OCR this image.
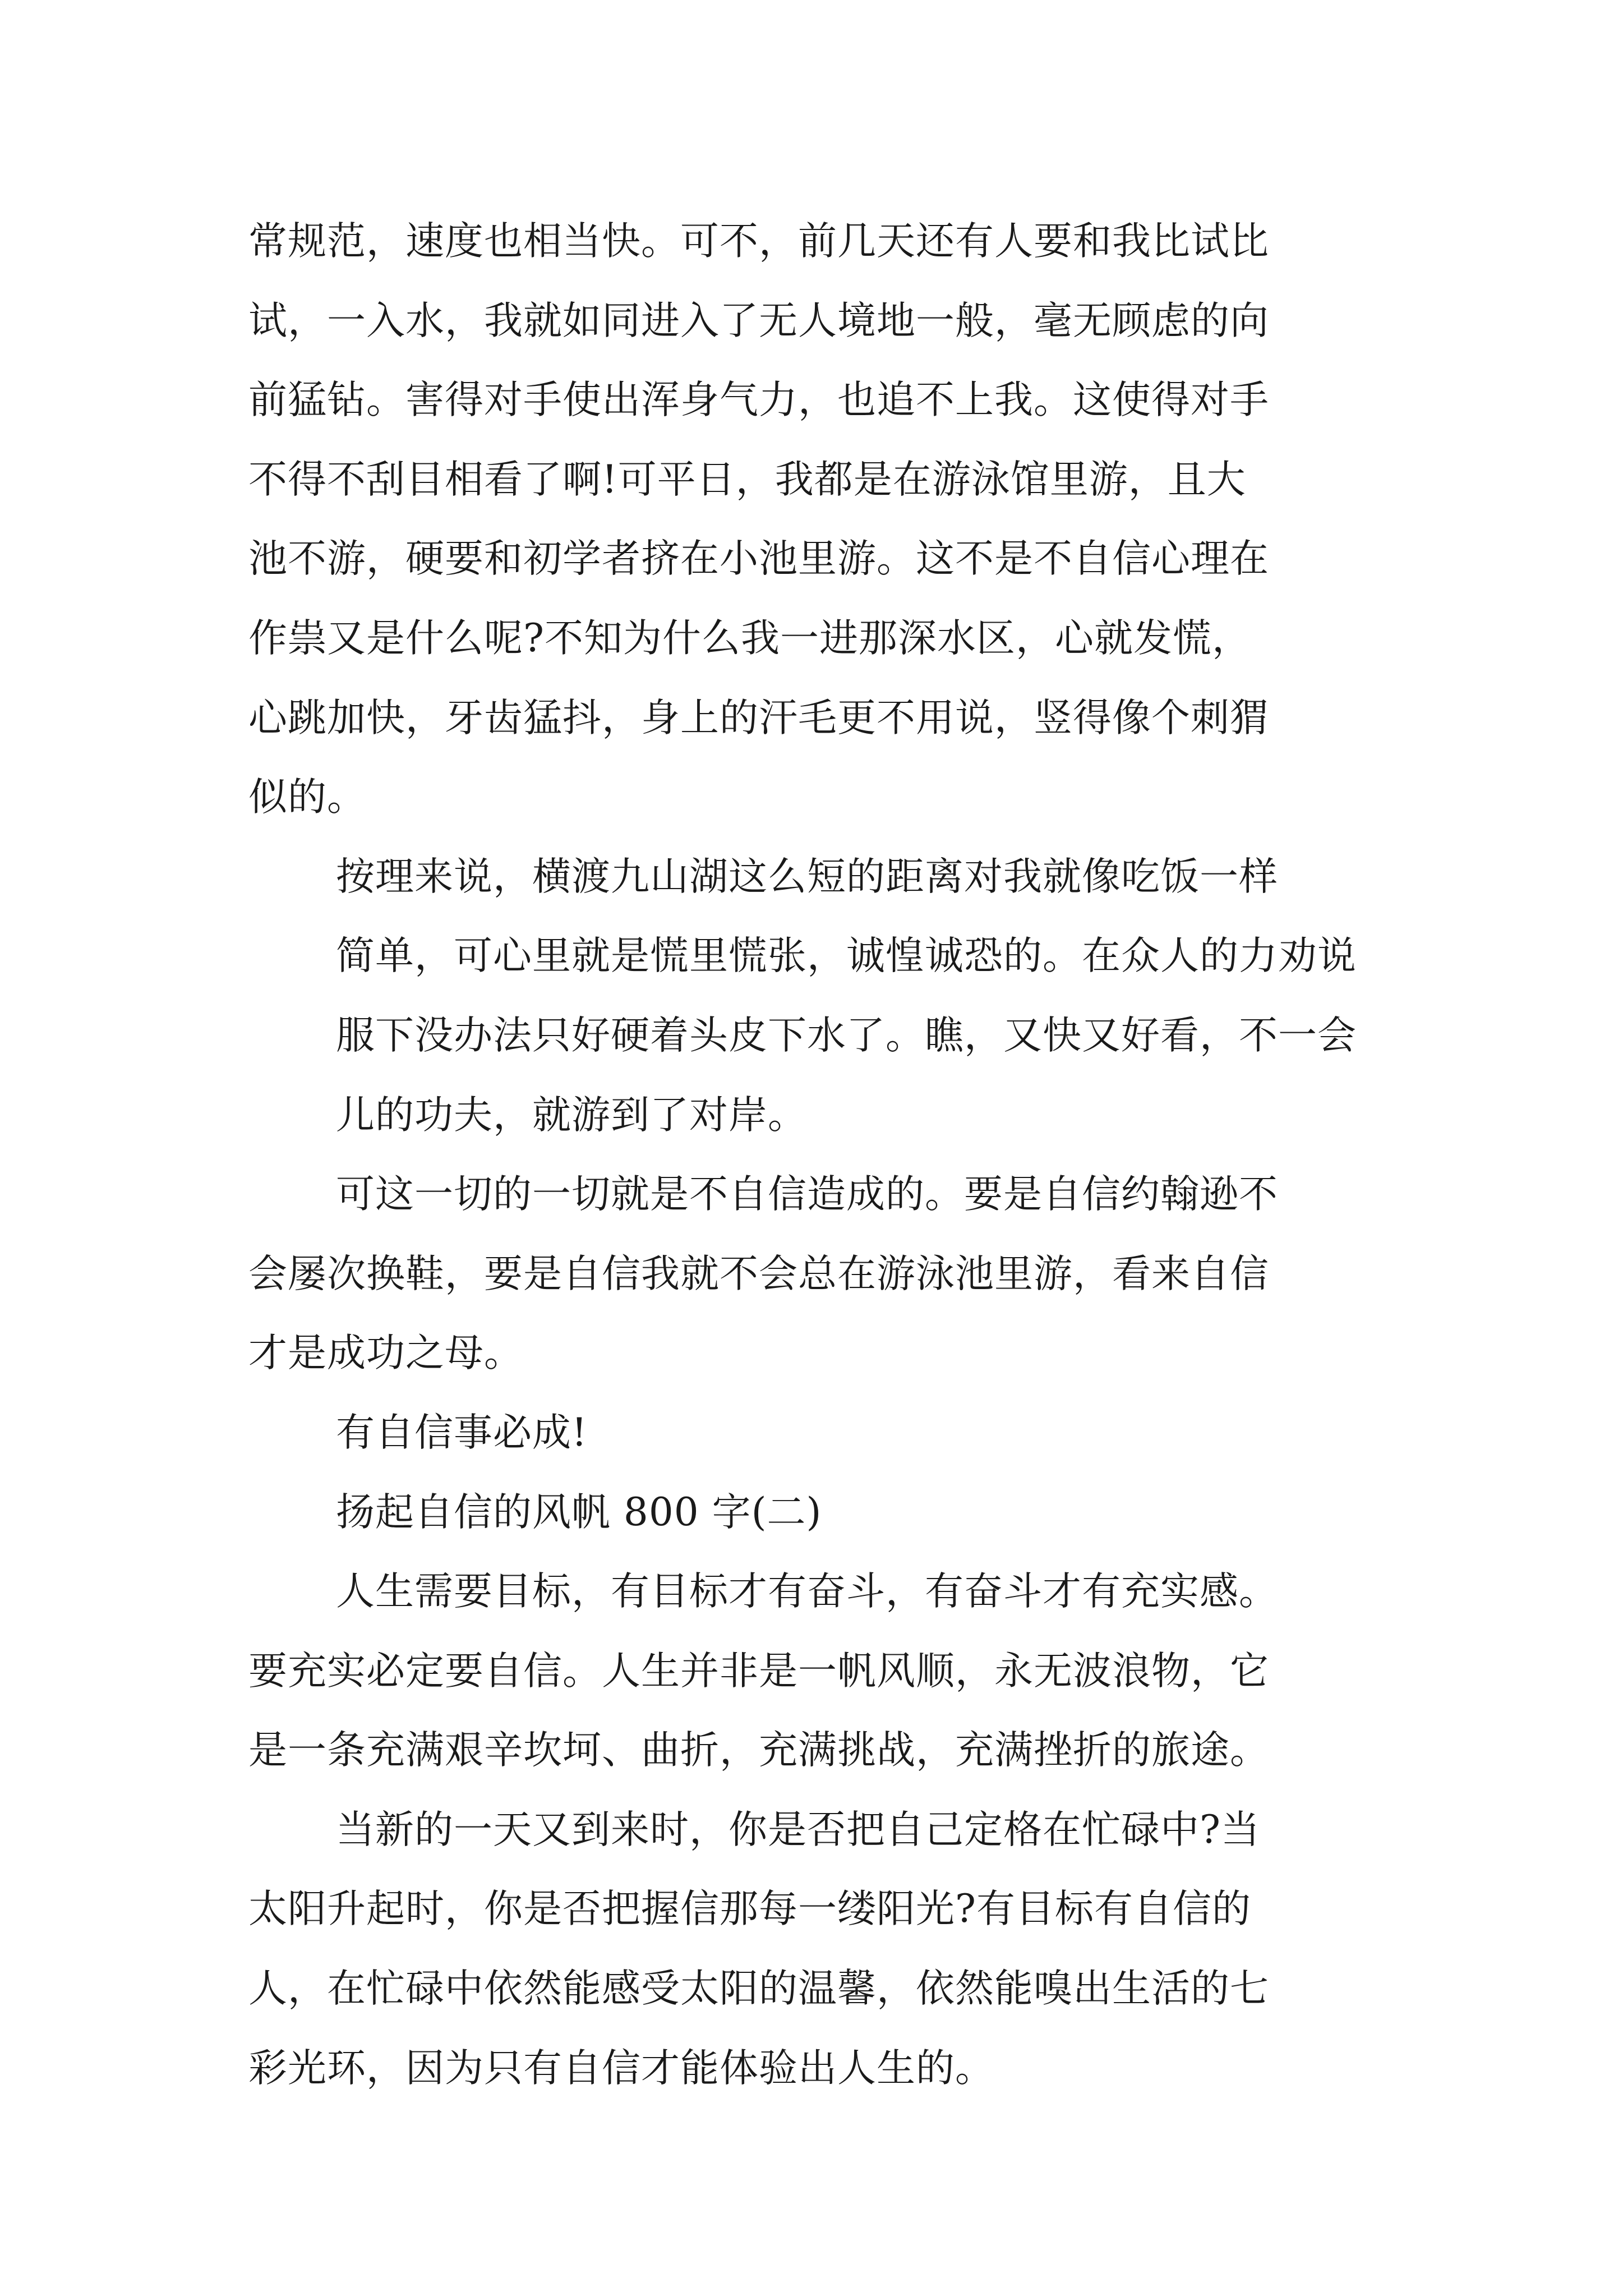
常规范，速度也相当快。可不，前几天还有人要和我比试比
试，一入水，我就如同进入了无人境地一般，毫无顾虑的向
前猛钻。害得对手使出浑身气力，也追不上我。这使得对手
不得不刮目相看了啊!可平日，我都是在游泳馆里游，且大
池不游，硬要和初学者挤在小池里游。这不是不自信心理在
作祟又是什么呢?不知为什么我一进那深水区，心就发慌，
心跳加快，牙齿猛抖，身上的汗毛更不用说，竖得像个刺猬
似的。

按理来说，横渡九山湖这么短的距离对我就像吃饭一样
简单，可心里就是慌里慌张，诚惶诚恐的。在众人的力劝说
服下没办法只好硬着头皮下水了。瞧，又快又好看，不一会
儿的功夫，就游到了对岸。

可这一切的一切就是不自信造成的。要是自信约翰逊不
会屡次换鞋，要是自信我就不会总在游泳池里游，看来自信
才是成功之母。

有自信事必成!

扬起自信的风帆 800 字(二)

人生需要目标，有目标才有奋斗，有奋斗才有充实感。
要充实必定要自信。人生并非是一帆风顺，永无波浪物，它
是一条充满艰辛坎坷、曲折，充满挑战，充满挫折的旅途。

当新的一天又到来时，你是否把自己定格在忙碌中?当
太阳升起时，你是否把握信那每一缕阳光?有目标有自信的
人，在忙碌中依然能感受太阳的温馨，依然能嗅出生活的七
彩光环，因为只有自信才能体验出人生的。
